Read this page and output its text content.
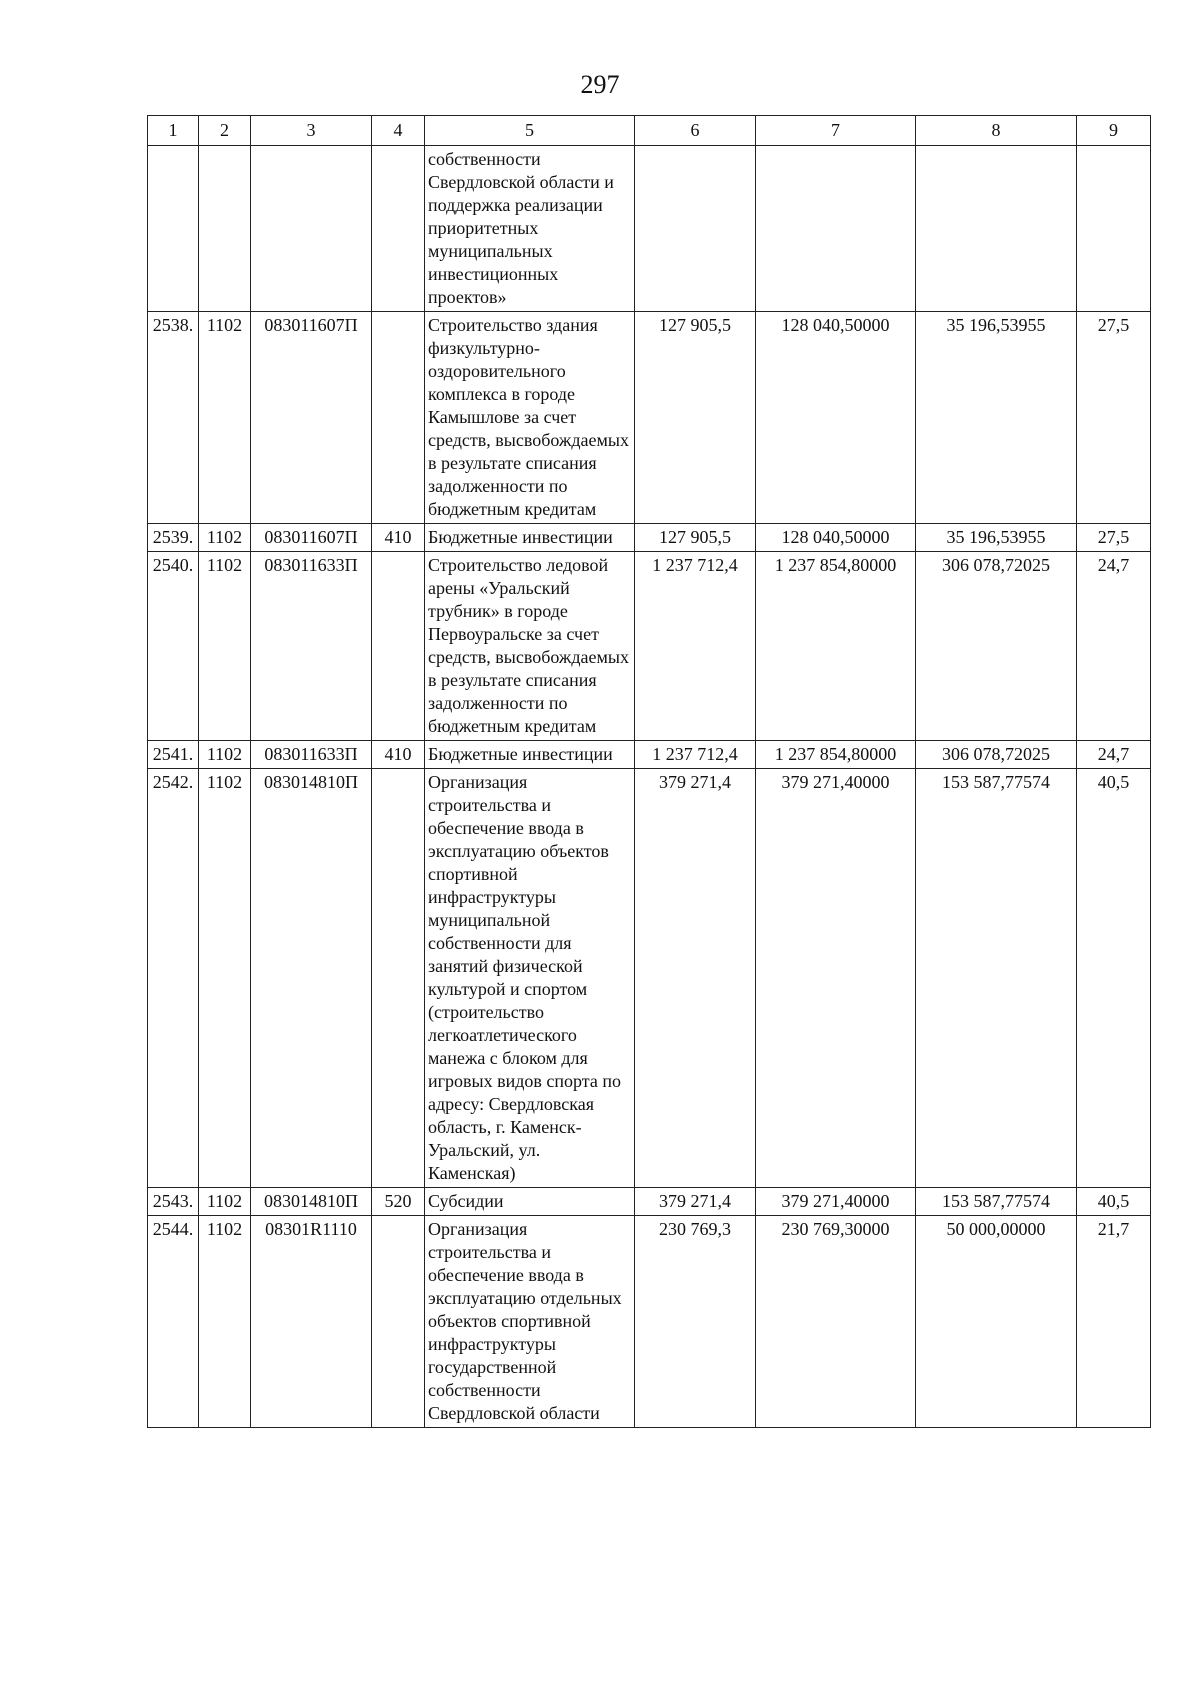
297
1	2	3	4	5	6	7	8	9
				собственности Свердловской области и поддержка реализации приоритетных муниципальных инвестиционных проектов»				
2538.	1102	083011607П		Строительство здания физкультурно-оздоровительного комплекса в городе Камышлове за счет средств, высвобождаемых в результате списания задолженности по бюджетным кредитам	127 905,5	128 040,50000	35 196,53955	27,5
2539.	1102	083011607П	410	Бюджетные инвестиции	127 905,5	128 040,50000	35 196,53955	27,5
2540.	1102	083011633П		Строительство ледовой арены «Уральский трубник» в городе Первоуральске за счет средств, высвобождаемых в результате списания задолженности по бюджетным кредитам	1 237 712,4	1 237 854,80000	306 078,72025	24,7
2541.	1102	083011633П	410	Бюджетные инвестиции	1 237 712,4	1 237 854,80000	306 078,72025	24,7
2542.	1102	083014810П		Организация строительства и обеспечение ввода в эксплуатацию объектов спортивной инфраструктуры муниципальной собственности для занятий физической культурой и спортом (строительство легкоатлетического манежа с блоком для игровых видов спорта по адресу: Свердловская область, г. Каменск-Уральский, ул. Каменская)	379 271,4	379 271,40000	153 587,77574	40,5
2543.	1102	083014810П	520	Субсидии	379 271,4	379 271,40000	153 587,77574	40,5
2544.	1102	08301R1110		Организация строительства и обеспечение ввода в эксплуатацию отдельных объектов спортивной инфраструктуры государственной собственности Свердловской области	230 769,3	230 769,30000	50 000,00000	21,7
